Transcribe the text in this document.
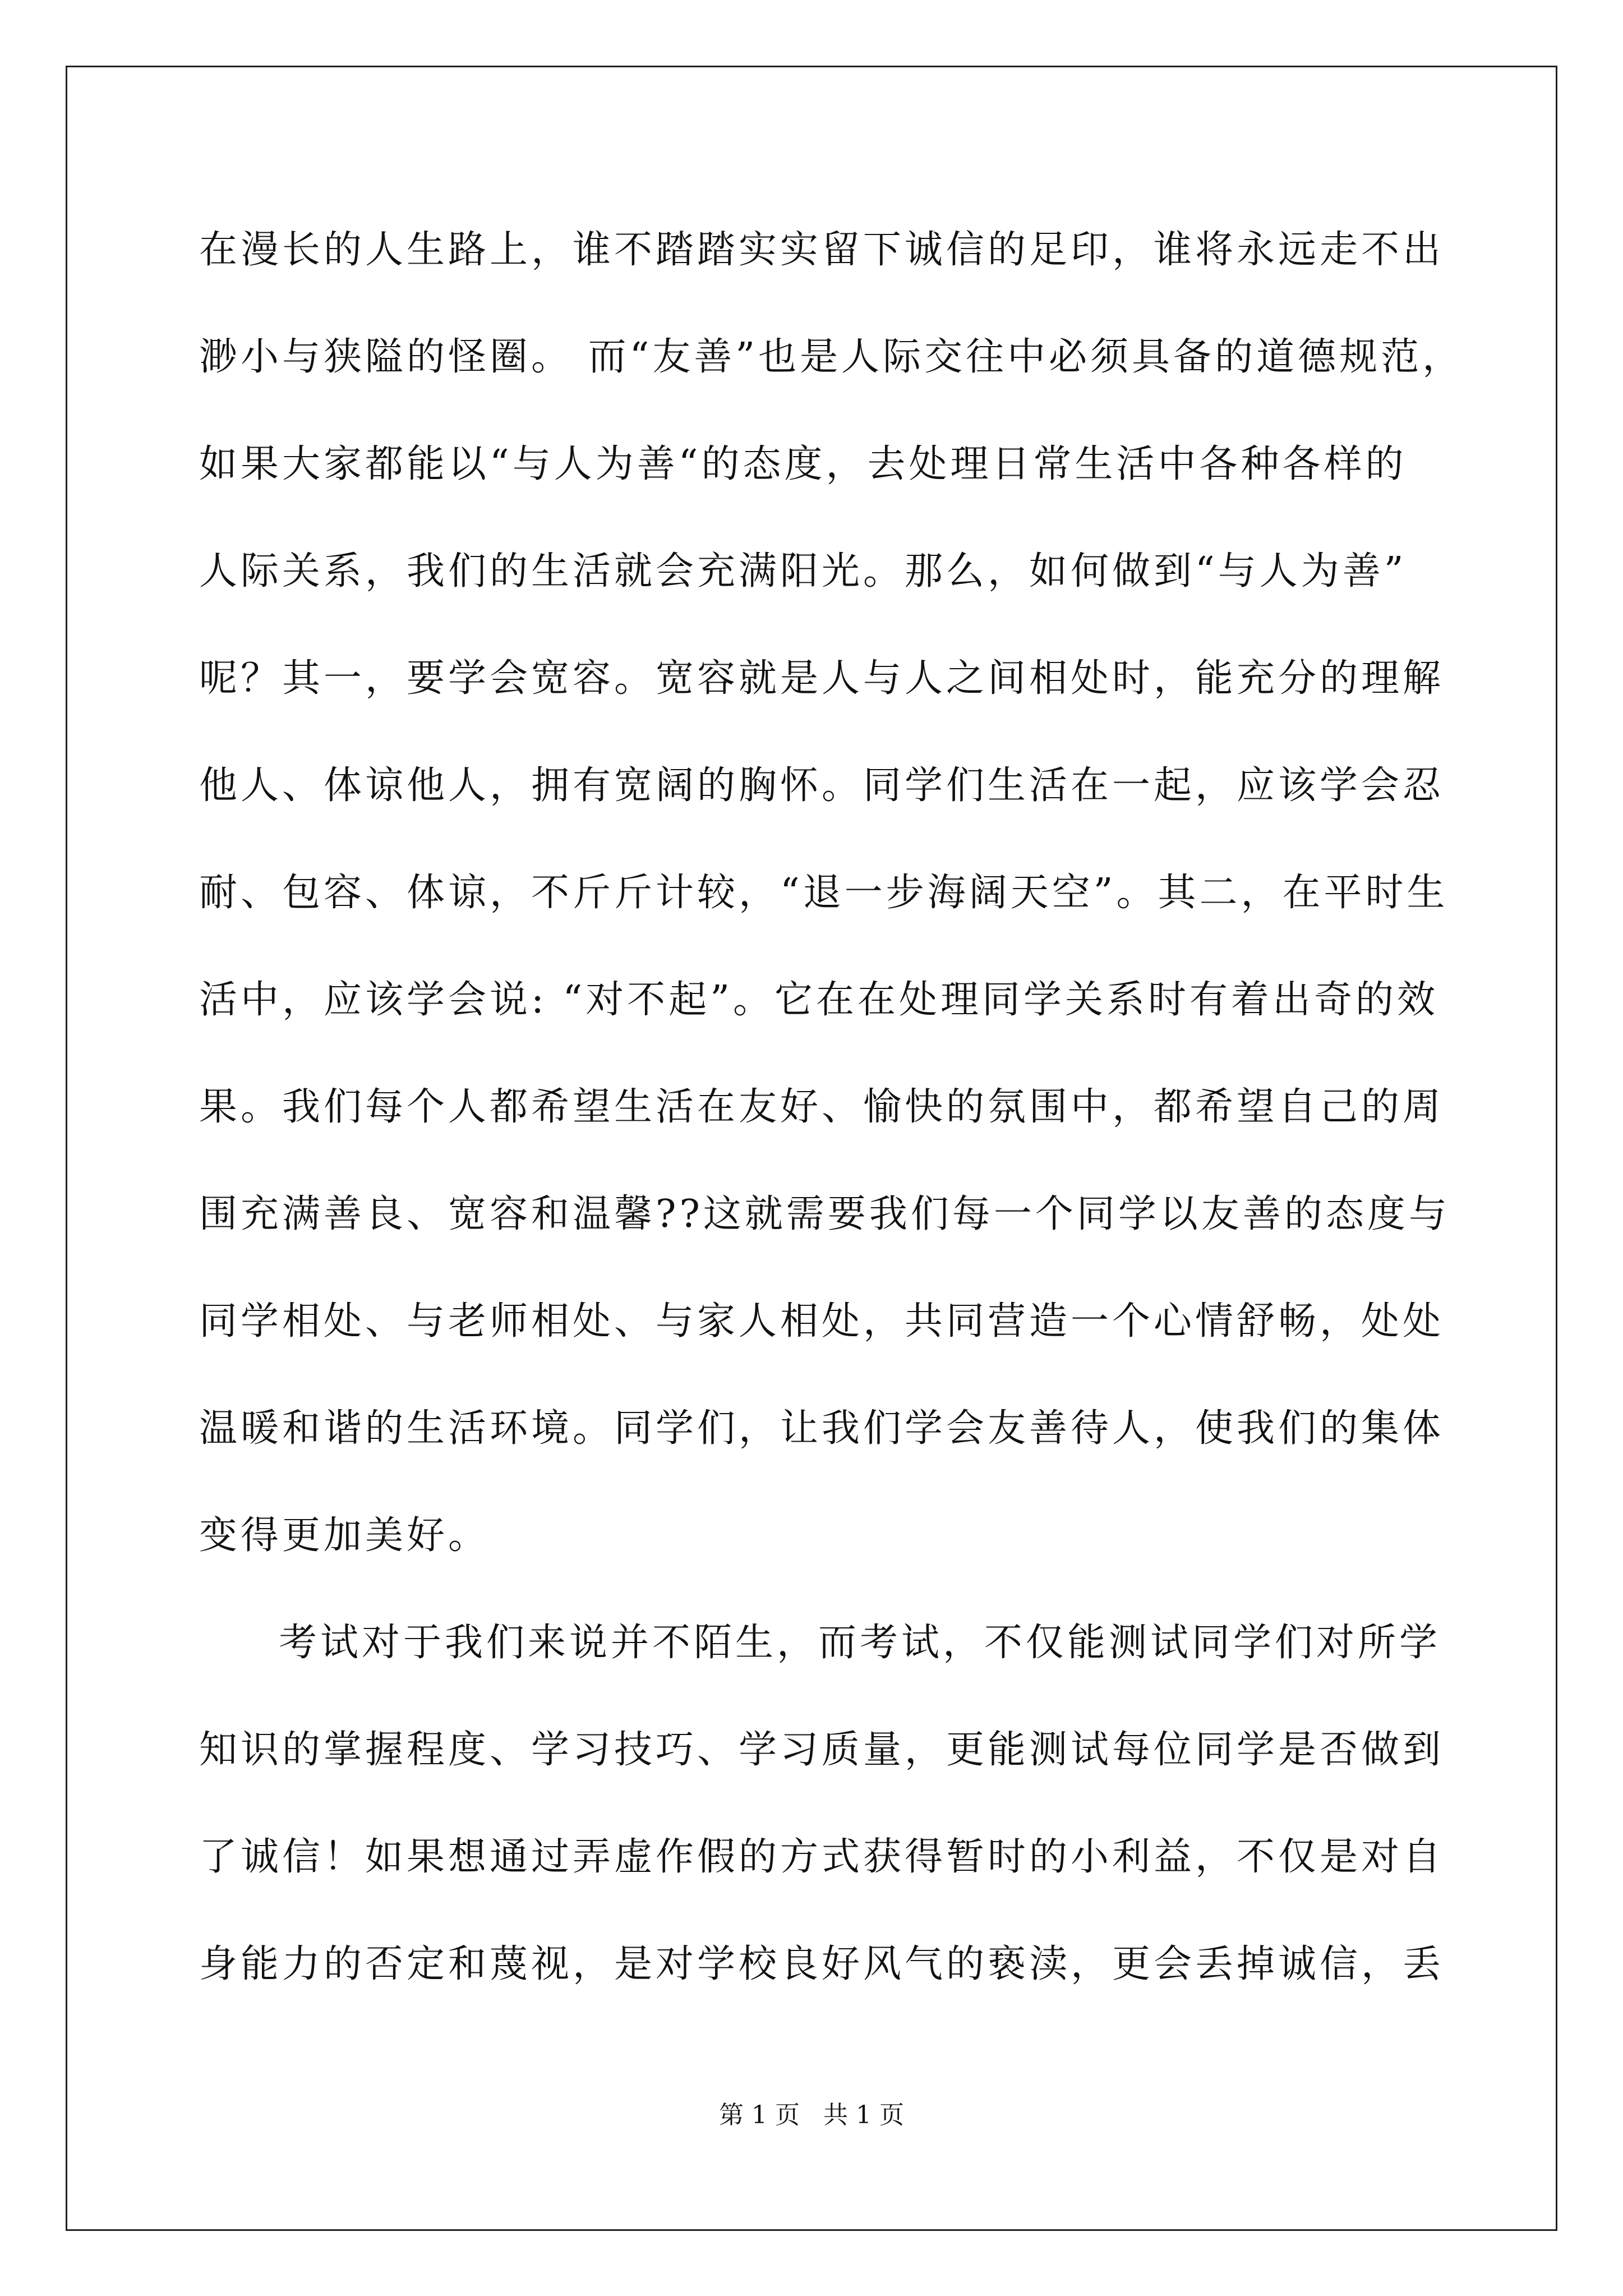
在漫长的人生路上，谁不踏踏实实留下诚信的足印，谁将永远走不出
渺小与狭隘的怪圈。 而“友善”也是人际交往中必须具备的道德规范，
如果大家都能以“与人为善“的态度，去处理日常生活中各种各样的
人际关系，我们的生活就会充满阳光。那么，如何做到“与人为善”
呢？其一，要学会宽容。宽容就是人与人之间相处时，能充分的理解
他人、体谅他人，拥有宽阔的胸怀。同学们生活在一起，应该学会忍
耐、包容、体谅，不斤斤计较，“退一步海阔天空”。其二，在平时生
活中，应该学会说: “对不起”。它在在处理同学关系时有着出奇的效
果。我们每个人都希望生活在友好、愉快的氛围中，都希望自己的周
围充满善良、宽容和温馨??这就需要我们每一个同学以友善的态度与
同学相处、与老师相处、与家人相处，共同营造一个心情舒畅，处处
温暖和谐的生活环境。同学们，让我们学会友善待人，使我们的集体
变得更加美好。
考试对于我们来说并不陌生，而考试，不仅能测试同学们对所学
知识的掌握程度、学习技巧、学习质量，更能测试每位同学是否做到
了诚信！如果想通过弄虚作假的方式获得暂时的小利益，不仅是对自
身能力的否定和蔑视，是对学校良好风气的亵渎，更会丢掉诚信，丢
第 1 页   共 1 页
